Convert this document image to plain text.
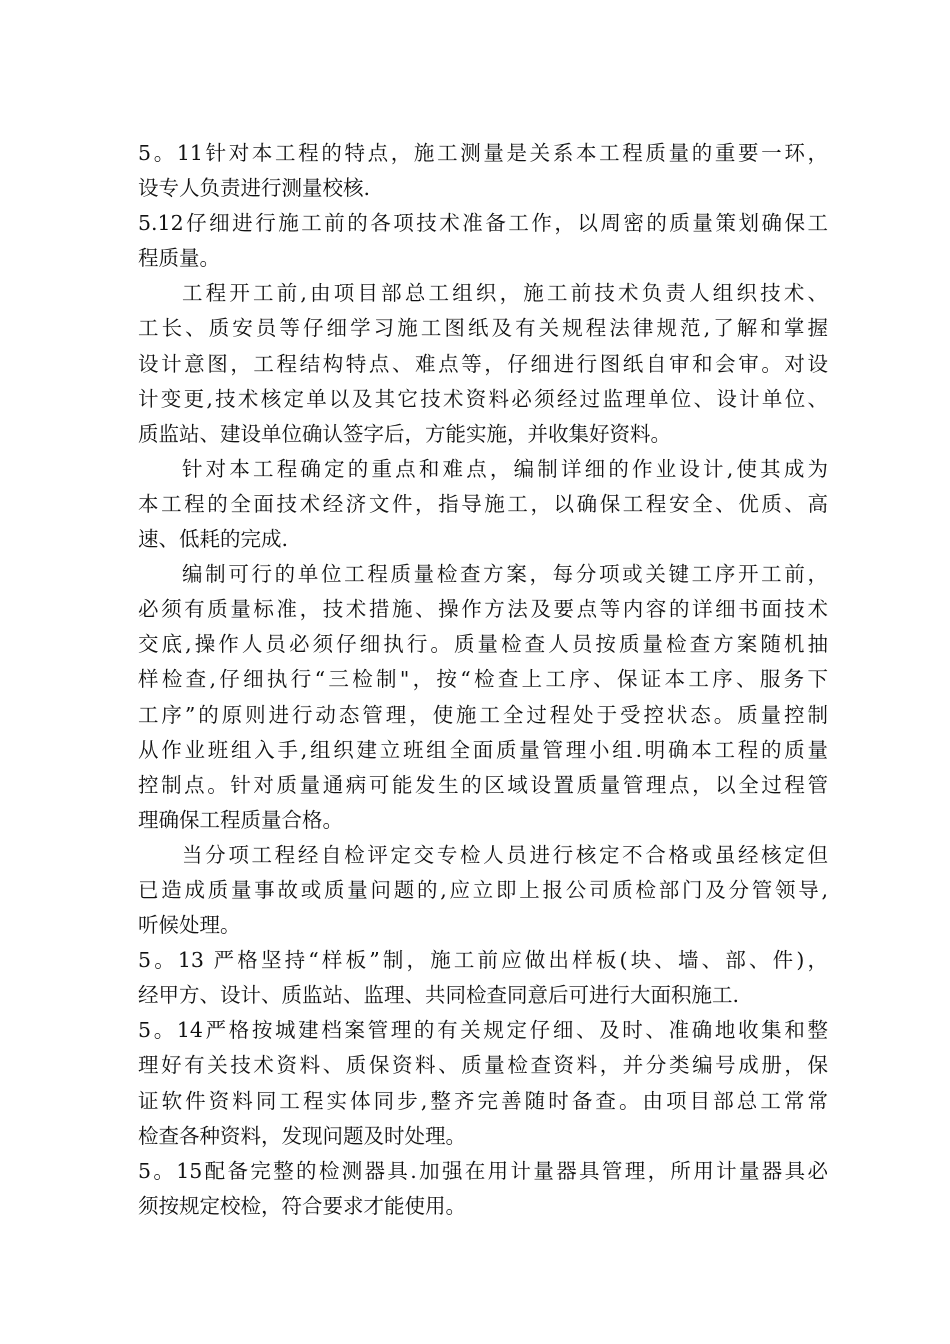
5。11针对本工程的特点，施工测量是关系本工程质量的重要一环，
设专人负责进行测量校核.
5.12仔细进行施工前的各项技术准备工作，以周密的质量策划确保工
程质量。
工程开工前,由项目部总工组织，施工前技术负责人组织技术、
工长、质安员等仔细学习施工图纸及有关规程法律规范,了解和掌握
设计意图，工程结构特点、难点等，仔细进行图纸自审和会审。对设
计变更,技术核定单以及其它技术资料必须经过监理单位、设计单位、
质监站、建设单位确认签字后，方能实施，并收集好资料。
针对本工程确定的重点和难点，编制详细的作业设计,使其成为
本工程的全面技术经济文件，指导施工，以确保工程安全、优质、高
速、低耗的完成.
编制可行的单位工程质量检查方案，每分项或关键工序开工前，
必须有质量标准，技术措施、操作方法及要点等内容的详细书面技术
交底,操作人员必须仔细执行。质量检查人员按质量检查方案随机抽
样检查,仔细执行“三检制"，按“检查上工序、保证本工序、服务下
工序”的原则进行动态管理，使施工全过程处于受控状态。质量控制
从作业班组入手,组织建立班组全面质量管理小组.明确本工程的质量
控制点。针对质量通病可能发生的区域设置质量管理点，以全过程管
理确保工程质量合格。
当分项工程经自检评定交专检人员进行核定不合格或虽经核定但
已造成质量事故或质量问题的,应立即上报公司质检部门及分管领导,
听候处理。
5。13 严格坚持“样板”制，施工前应做出样板(块、墙、部、件)，
经甲方、设计、质监站、监理、共同检查同意后可进行大面积施工.
5。14严格按城建档案管理的有关规定仔细、及时、准确地收集和整
理好有关技术资料、质保资料、质量检查资料，并分类编号成册，保
证软件资料同工程实体同步,整齐完善随时备查。由项目部总工常常
检查各种资料，发现问题及时处理。
5。15配备完整的检测器具.加强在用计量器具管理，所用计量器具必
须按规定校检，符合要求才能使用。
